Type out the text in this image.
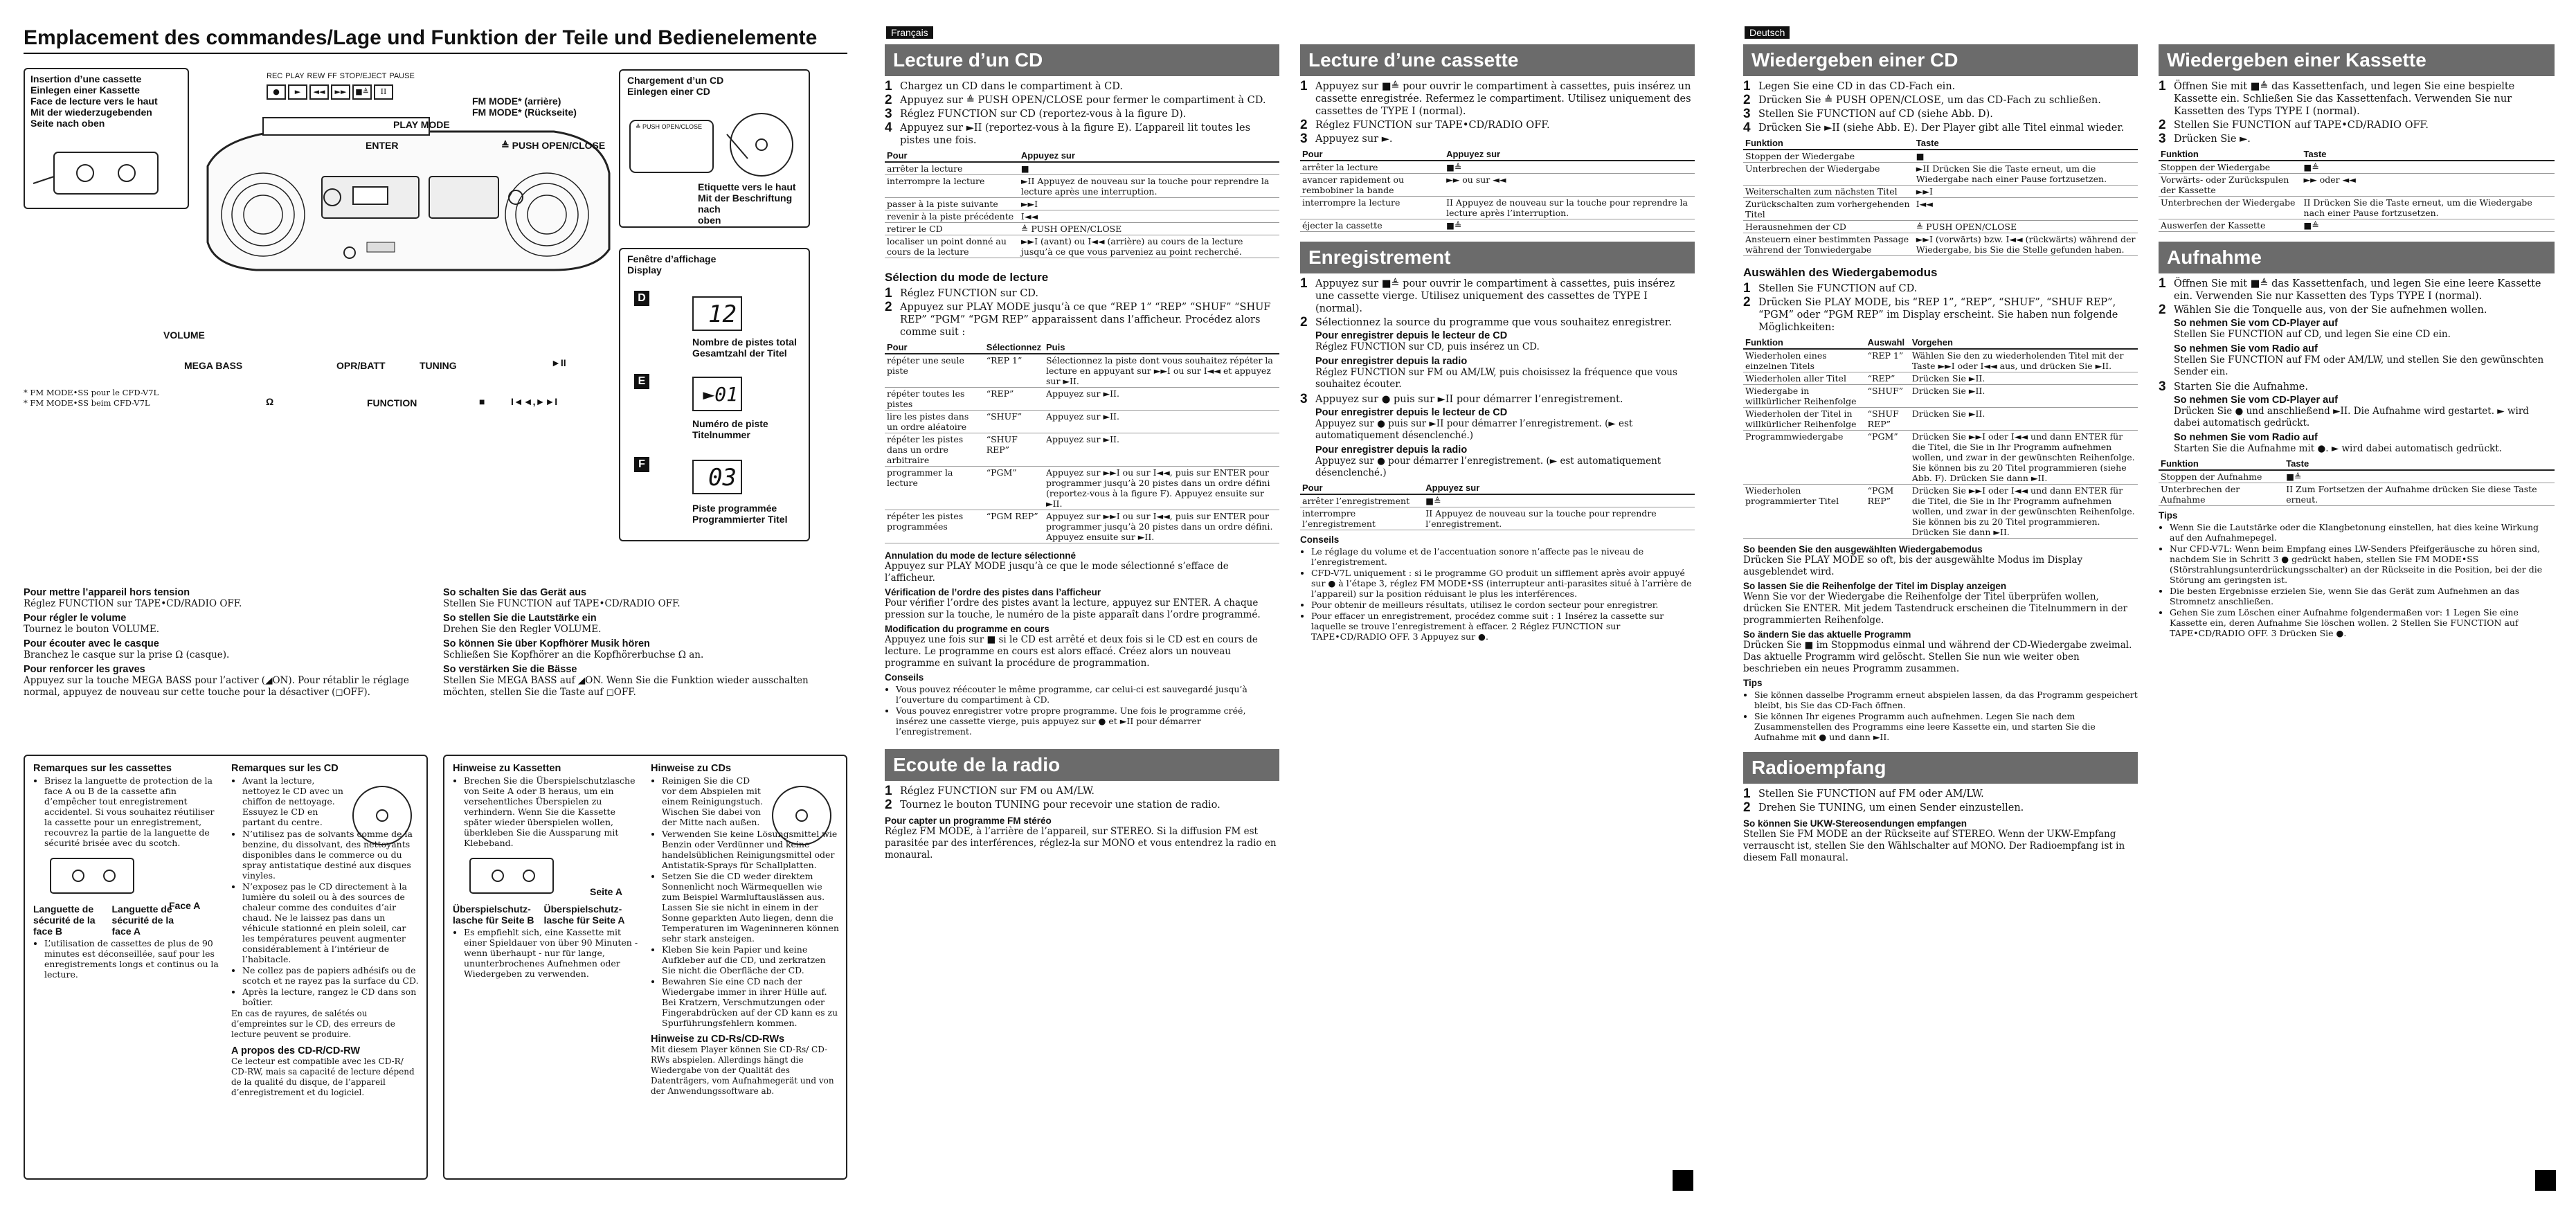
Emplacement des commandes/Lage und Funktion der Teile und Bedienelemente
Insertion d’une cassette
Einlegen einer Kassette
Face de lecture vers le haut
Mit der wiederzugebenden
Seite nach oben
REC PLAY REW FF STOP/EJECT PAUSE
●	►	◄◄	►►	■≜	II
FM MODE* (arrière)
FM MODE* (Rückseite)
≜ PUSH OPEN/CLOSE
PLAY MODE
ENTER
VOLUME
MEGA BASS	OPR/BATT	TUNING
FUNCTION
►II
■	I◄◄,►►I
Ω
* FM MODE•SS pour le CFD-V7L
* FM MODE•SS beim CFD-V7L
Chargement d’un CD
Einlegen einer CD
≜ PUSH OPEN/CLOSE
Etiquette vers le haut
Mit der Beschriftung nach
oben
Fenêtre d’affichage
Display
D
12
Nombre de pistes total
Gesamtzahl der Titel
E
►01
Numéro de piste
Titelnummer
F	03
Piste programmée
Programmierter Titel
Pour mettre l’appareil hors tension
Réglez FUNCTION sur TAPE•CD/RADIO OFF.
Pour régler le volume
Tournez le bouton VOLUME.
Pour écouter avec le casque
Branchez le casque sur la prise Ω (casque).
Pour renforcer les graves
Appuyez sur la touche MEGA BASS pour l’activer (◢ON). Pour rétablir le réglage normal, appuyez de nouveau sur cette touche pour la désactiver (◻OFF).
So schalten Sie das Gerät aus
Stellen Sie FUNCTION auf TAPE•CD/RADIO OFF.
So stellen Sie die Lautstärke ein
Drehen Sie den Regler VOLUME.
So können Sie über Kopfhörer Musik hören
Schließen Sie Kopfhörer an die Kopfhörerbuchse Ω an.
So verstärken Sie die Bässe
Stellen Sie MEGA BASS auf ◢ON. Wenn Sie die Funktion wieder ausschalten möchten, stellen Sie die Taste auf ◻OFF.
Remarques sur les cassettes
• Brisez la languette de protection de la face A ou B de la cassette afin d’empêcher tout enregistrement accidentel. Si vous souhaitez réutiliser la cassette pour un enregistrement, recouvrez la partie de la languette de sécurité brisée avec du scotch.
Face A
Languette de
sécurité de la
face B
Languette de
sécurité de la
face A
• L’utilisation de cassettes de plus de 90 minutes est déconseillée, sauf pour les enregistrements longs et continus ou la lecture.
Remarques sur les CD
• Avant la lecture, nettoyez le CD avec un chiffon de nettoyage. Essuyez le CD en partant du centre.
• N’utilisez pas de solvants comme de la benzine, du dissolvant, des nettoyants disponibles dans le commerce ou du spray antistatique destiné aux disques vinyles.
• N’exposez pas le CD directement à la lumière du soleil ou à des sources de chaleur comme des conduites d’air chaud. Ne le laissez pas dans un véhicule stationné en plein soleil, car les températures peuvent augmenter considérablement à l’intérieur de l’habitacle.
• Ne collez pas de papiers adhésifs ou de scotch et ne rayez pas la surface du CD.
• Après la lecture, rangez le CD dans son boîtier.
En cas de rayures, de salétés ou d’empreintes sur le CD, des erreurs de lecture peuvent se produire.
A propos des CD-R/CD-RW
Ce lecteur est compatible avec les CD-R/ CD-RW, mais sa capacité de lecture dépend de la qualité du disque, de l’appareil d’enregistrement et du logiciel.
Hinweise zu Kassetten
• Brechen Sie die Überspielschutzlasche von Seite A oder B heraus, um ein versehentliches Überspielen zu verhindern. Wenn Sie die Kassette später wieder überspielen wollen, überkleben Sie die Aussparung mit Klebeband.
Seite A
Überspielschutz-
lasche für Seite B
Überspielschutz-
lasche für Seite A
• Es empfiehlt sich, eine Kassette mit einer Spieldauer von über 90 Minuten - wenn überhaupt - nur für lange, ununterbrochenes Aufnehmen oder Wiedergeben zu verwenden.
Hinweise zu CDs
• Reinigen Sie die CD vor dem Abspielen mit einem Reinigungstuch. Wischen Sie dabei von der Mitte nach außen.
• Verwenden Sie keine Lösungsmittel wie Benzin oder Verdünner und keine handelsüblichen Reinigungsmittel oder Antistatik-Sprays für Schallplatten.
• Setzen Sie die CD weder direktem Sonnenlicht noch Wärmequellen wie zum Beispiel Warmluftauslässen aus. Lassen Sie sie nicht in einem in der Sonne geparkten Auto liegen, denn die Temperaturen im Wageninneren können sehr stark ansteigen.
• Kleben Sie kein Papier und keine Aufkleber auf die CD, und zerkratzen Sie nicht die Oberfläche der CD.
• Bewahren Sie eine CD nach der Wiedergabe immer in ihrer Hülle auf. Bei Kratzern, Verschmutzungen oder Fingerabdrücken auf der CD kann es zu Spurführungsfehlern kommen.
Hinweise zu CD-Rs/CD-RWs
Mit diesem Player können Sie CD-Rs/ CD-RWs abspielen. Allerdings hängt die Wiedergabe von der Qualität des Datenträgers, vom Aufnahmegerät und von der Anwendungssoftware ab.
Français
Lecture d’un CD
1 Chargez un CD dans le compartiment à CD.
2 Appuyez sur ≜ PUSH OPEN/CLOSE pour fermer le compartiment à CD.
3 Réglez FUNCTION sur CD (reportez-vous à la figure D).
4 Appuyez sur ►II (reportez-vous à la figure E). L’appareil lit toutes les pistes une fois.
Pour	Appuyez sur
arrêter la lecture	■
interrompre la lecture	►II Appuyez de nouveau sur la touche pour reprendre la lecture après une interruption.
passer à la piste suivante	►►I
revenir à la piste précédente	I◄◄
retirer le CD	≜ PUSH OPEN/CLOSE
localiser un point donné au cours de la lecture	►►I (avant) ou I◄◄ (arrière) au cours de la lecture jusqu’à ce que vous parveniez au point recherché.
Sélection du mode de lecture
1 Réglez FUNCTION sur CD.
2 Appuyez sur PLAY MODE jusqu’à ce que “REP 1” “REP” “SHUF” “SHUF REP” “PGM” “PGM REP” apparaissent dans l’afficheur. Procédez alors comme suit :
Pour	Sélectionnez	Puis
répéter une seule piste	“REP 1”	Sélectionnez la piste dont vous souhaitez répéter la lecture en appuyant sur ►►I ou sur I◄◄ et appuyez sur ►II.
répéter toutes les pistes	“REP”	Appuyez sur ►II.
lire les pistes dans un ordre aléatoire	“SHUF”	Appuyez sur ►II.
répéter les pistes dans un ordre arbitraire	“SHUF REP”	Appuyez sur ►II.
programmer la lecture	“PGM”	Appuyez sur ►►I ou sur I◄◄, puis sur ENTER pour programmer jusqu’à 20 pistes dans un ordre défini (reportez-vous à la figure F). Appuyez ensuite sur ►II.
répéter les pistes programmées	“PGM REP”	Appuyez sur ►►I ou sur I◄◄, puis sur ENTER pour programmer jusqu’à 20 pistes dans un ordre défini. Appuyez ensuite sur ►II.
Annulation du mode de lecture sélectionné
Appuyez sur PLAY MODE jusqu’à ce que le mode sélectionné s’efface de l’afficheur.
Vérification de l’ordre des pistes dans l’afficheur
Pour vérifier l’ordre des pistes avant la lecture, appuyez sur ENTER. A chaque pression sur la touche, le numéro de la piste apparaît dans l’ordre programmé.
Modification du programme en cours
Appuyez une fois sur ■ si le CD est arrêté et deux fois si le CD est en cours de lecture. Le programme en cours est alors effacé. Créez alors un nouveau programme en suivant la procédure de programmation.
Conseils
• Vous pouvez réécouter le même programme, car celui-ci est sauvegardé jusqu’à l’ouverture du compartiment à CD.
• Vous pouvez enregistrer votre propre programme. Une fois le programme créé, insérez une cassette vierge, puis appuyez sur ● et ►II pour démarrer l’enregistrement.
Ecoute de la radio
1 Réglez FUNCTION sur FM ou AM/LW.
2 Tournez le bouton TUNING pour recevoir une station de radio.
Pour capter un programme FM stéréo
Réglez FM MODE, à l’arrière de l’appareil, sur STEREO. Si la diffusion FM est parasitée par des interférences, réglez-la sur MONO et vous entendrez la radio en monaural.
Lecture d’une cassette
1 Appuyez sur ■≜ pour ouvrir le compartiment à cassettes, puis insérez un cassette enregistrée. Refermez le compartiment. Utilisez uniquement des cassettes de TYPE I (normal).
2 Réglez FUNCTION sur TAPE•CD/RADIO OFF.
3 Appuyez sur ►.
Pour	Appuyez sur
arrêter la lecture	■≜
avancer rapidement ou rembobiner la bande	►► ou sur ◄◄
interrompre la lecture	II Appuyez de nouveau sur la touche pour reprendre la lecture après l’interruption.
éjecter la cassette	■≜
Enregistrement
1 Appuyez sur ■≜ pour ouvrir le compartiment à cassettes, puis insérez une cassette vierge. Utilisez uniquement des cassettes de TYPE I (normal).
2 Sélectionnez la source du programme que vous souhaitez enregistrer.
Pour enregistrer depuis le lecteur de CD
Réglez FUNCTION sur CD, puis insérez un CD.
Pour enregistrer depuis la radio
Réglez FUNCTION sur FM ou AM/LW, puis choisissez la fréquence que vous souhaitez écouter.
3 Appuyez sur ● puis sur ►II pour démarrer l’enregistrement.
Pour enregistrer depuis le lecteur de CD
Appuyez sur ● puis sur ►II pour démarrer l’enregistrement. (► est automatiquement désenclenché.)
Pour enregistrer depuis la radio
Appuyez sur ● pour démarrer l’enregistrement. (► est automatiquement désenclenché.)
Pour	Appuyez sur
arrêter l’enregistrement	■≜
interrompre l’enregistrement	II Appuyez de nouveau sur la touche pour reprendre l’enregistrement.
Conseils
• Le réglage du volume et de l’accentuation sonore n’affecte pas le niveau de l’enregistrement.
• CFD-V7L uniquement : si le programme GO produit un sifflement après avoir appuyé sur ● à l’étape 3, réglez FM MODE•SS (interrupteur anti-parasites situé à l’arrière de l’appareil) sur la position réduisant le plus les interférences.
• Pour obtenir de meilleurs résultats, utilisez le cordon secteur pour enregistrer.
• Pour effacer un enregistrement, procédez comme suit : 1 Insérez la cassette sur laquelle se trouve l’enregistrement à effacer. 2 Réglez FUNCTION sur TAPE•CD/RADIO OFF. 3 Appuyez sur ●.
Deutsch
Wiedergeben einer CD
1 Legen Sie eine CD in das CD-Fach ein.
2 Drücken Sie ≜ PUSH OPEN/CLOSE, um das CD-Fach zu schließen.
3 Stellen Sie FUNCTION auf CD (siehe Abb. D).
4 Drücken Sie ►II (siehe Abb. E). Der Player gibt alle Titel einmal wieder.
Funktion	Taste
Stoppen der Wiedergabe	■
Unterbrechen der Wiedergabe	►II Drücken Sie die Taste erneut, um die Wiedergabe nach einer Pause fortzusetzen.
Weiterschalten zum nächsten Titel	►►I
Zurückschalten zum vorhergehenden Titel	I◄◄
Herausnehmen der CD	≜ PUSH OPEN/CLOSE
Ansteuern einer bestimmten Passage während der Tonwiedergabe	►►I (vorwärts) bzw. I◄◄ (rückwärts) während der Wiedergabe, bis Sie die Stelle gefunden haben.
Auswählen des Wiedergabemodus
1 Stellen Sie FUNCTION auf CD.
2 Drücken Sie PLAY MODE, bis “REP 1”, “REP”, “SHUF”, “SHUF REP”, “PGM” oder “PGM REP” im Display erscheint. Sie haben nun folgende Möglichkeiten:
Funktion	Auswahl	Vorgehen
Wiederholen eines einzelnen Titels	“REP 1”	Wählen Sie den zu wiederholenden Titel mit der Taste ►►I oder I◄◄ aus, und drücken Sie ►II.
Wiederholen aller Titel	“REP”	Drücken Sie ►II.
Wiedergabe in willkürlicher Reihenfolge	“SHUF”	Drücken Sie ►II.
Wiederholen der Titel in willkürlicher Reihenfolge	“SHUF REP”	Drücken Sie ►II.
Programmwiedergabe	“PGM”	Drücken Sie ►►I oder I◄◄ und dann ENTER für die Titel, die Sie in Ihr Programm aufnehmen wollen, und zwar in der gewünschten Reihenfolge. Sie können bis zu 20 Titel programmieren (siehe Abb. F). Drücken Sie dann ►II.
Wiederholen programmierter Titel	“PGM REP”	Drücken Sie ►►I oder I◄◄ und dann ENTER für die Titel, die Sie in Ihr Programm aufnehmen wollen, und zwar in der gewünschten Reihenfolge. Sie können bis zu 20 Titel programmieren. Drücken Sie dann ►II.
So beenden Sie den ausgewählten Wiedergabemodus
Drücken Sie PLAY MODE so oft, bis der ausgewählte Modus im Display ausgeblendet wird.
So lassen Sie die Reihenfolge der Titel im Display anzeigen
Wenn Sie vor der Wiedergabe die Reihenfolge der Titel überprüfen wollen, drücken Sie ENTER. Mit jedem Tastendruck erscheinen die Titelnummern in der programmierten Reihenfolge.
So ändern Sie das aktuelle Programm
Drücken Sie ■ im Stoppmodus einmal und während der CD-Wiedergabe zweimal. Das aktuelle Programm wird gelöscht. Stellen Sie nun wie weiter oben beschrieben ein neues Programm zusammen.
Tips
• Sie können dasselbe Programm erneut abspielen lassen, da das Programm gespeichert bleibt, bis Sie das CD-Fach öffnen.
• Sie können Ihr eigenes Programm auch aufnehmen. Legen Sie nach dem Zusammenstellen des Programms eine leere Kassette ein, und starten Sie die Aufnahme mit ● und dann ►II.
Radioempfang
1 Stellen Sie FUNCTION auf FM oder AM/LW.
2 Drehen Sie TUNING, um einen Sender einzustellen.
So können Sie UKW-Stereosendungen empfangen
Stellen Sie FM MODE an der Rückseite auf STEREO. Wenn der UKW-Empfang verrauscht ist, stellen Sie den Wählschalter auf MONO. Der Radioempfang ist in diesem Fall monaural.
Wiedergeben einer Kassette
1 Öffnen Sie mit ■≜ das Kassettenfach, und legen Sie eine bespielte Kassette ein. Schließen Sie das Kassettenfach. Verwenden Sie nur Kassetten des Typs TYPE I (normal).
2 Stellen Sie FUNCTION auf TAPE•CD/RADIO OFF.
3 Drücken Sie ►.
Funktion	Taste
Stoppen der Wiedergabe	■≜
Vorwärts- oder Zurückspulen der Kassette	►► oder ◄◄
Unterbrechen der Wiedergabe	II Drücken Sie die Taste erneut, um die Wiedergabe nach einer Pause fortzusetzen.
Auswerfen der Kassette	■≜
Aufnahme
1 Öffnen Sie mit ■≜ das Kassettenfach, und legen Sie eine leere Kassette ein. Verwenden Sie nur Kassetten des Typs TYPE I (normal).
2 Wählen Sie die Tonquelle aus, von der Sie aufnehmen wollen.
So nehmen Sie vom CD-Player auf
Stellen Sie FUNCTION auf CD, und legen Sie eine CD ein.
So nehmen Sie vom Radio auf
Stellen Sie FUNCTION auf FM oder AM/LW, und stellen Sie den gewünschten Sender ein.
3 Starten Sie die Aufnahme.
So nehmen Sie vom CD-Player auf
Drücken Sie ● und anschließend ►II. Die Aufnahme wird gestartet. ► wird dabei automatisch gedrückt.
So nehmen Sie vom Radio auf
Starten Sie die Aufnahme mit ●. ► wird dabei automatisch gedrückt.
Funktion	Taste
Stoppen der Aufnahme	■≜
Unterbrechen der Aufnahme	II Zum Fortsetzen der Aufnahme drücken Sie diese Taste erneut.
Tips
• Wenn Sie die Lautstärke oder die Klangbetonung einstellen, hat dies keine Wirkung auf den Aufnahmepegel.
• Nur CFD-V7L: Wenn beim Empfang eines LW-Senders Pfeifgeräusche zu hören sind, nachdem Sie in Schritt 3 ● gedrückt haben, stellen Sie FM MODE•SS (Störstrahlungsunterdrückungsschalter) an der Rückseite in die Position, bei der die Störung am geringsten ist.
• Die besten Ergebnisse erzielen Sie, wenn Sie das Gerät zum Aufnehmen an das Stromnetz anschließen.
• Gehen Sie zum Löschen einer Aufnahme folgendermaßen vor: 1 Legen Sie eine Kassette ein, deren Aufnahme Sie löschen wollen. 2 Stellen Sie FUNCTION auf TAPE•CD/RADIO OFF. 3 Drücken Sie ●.
